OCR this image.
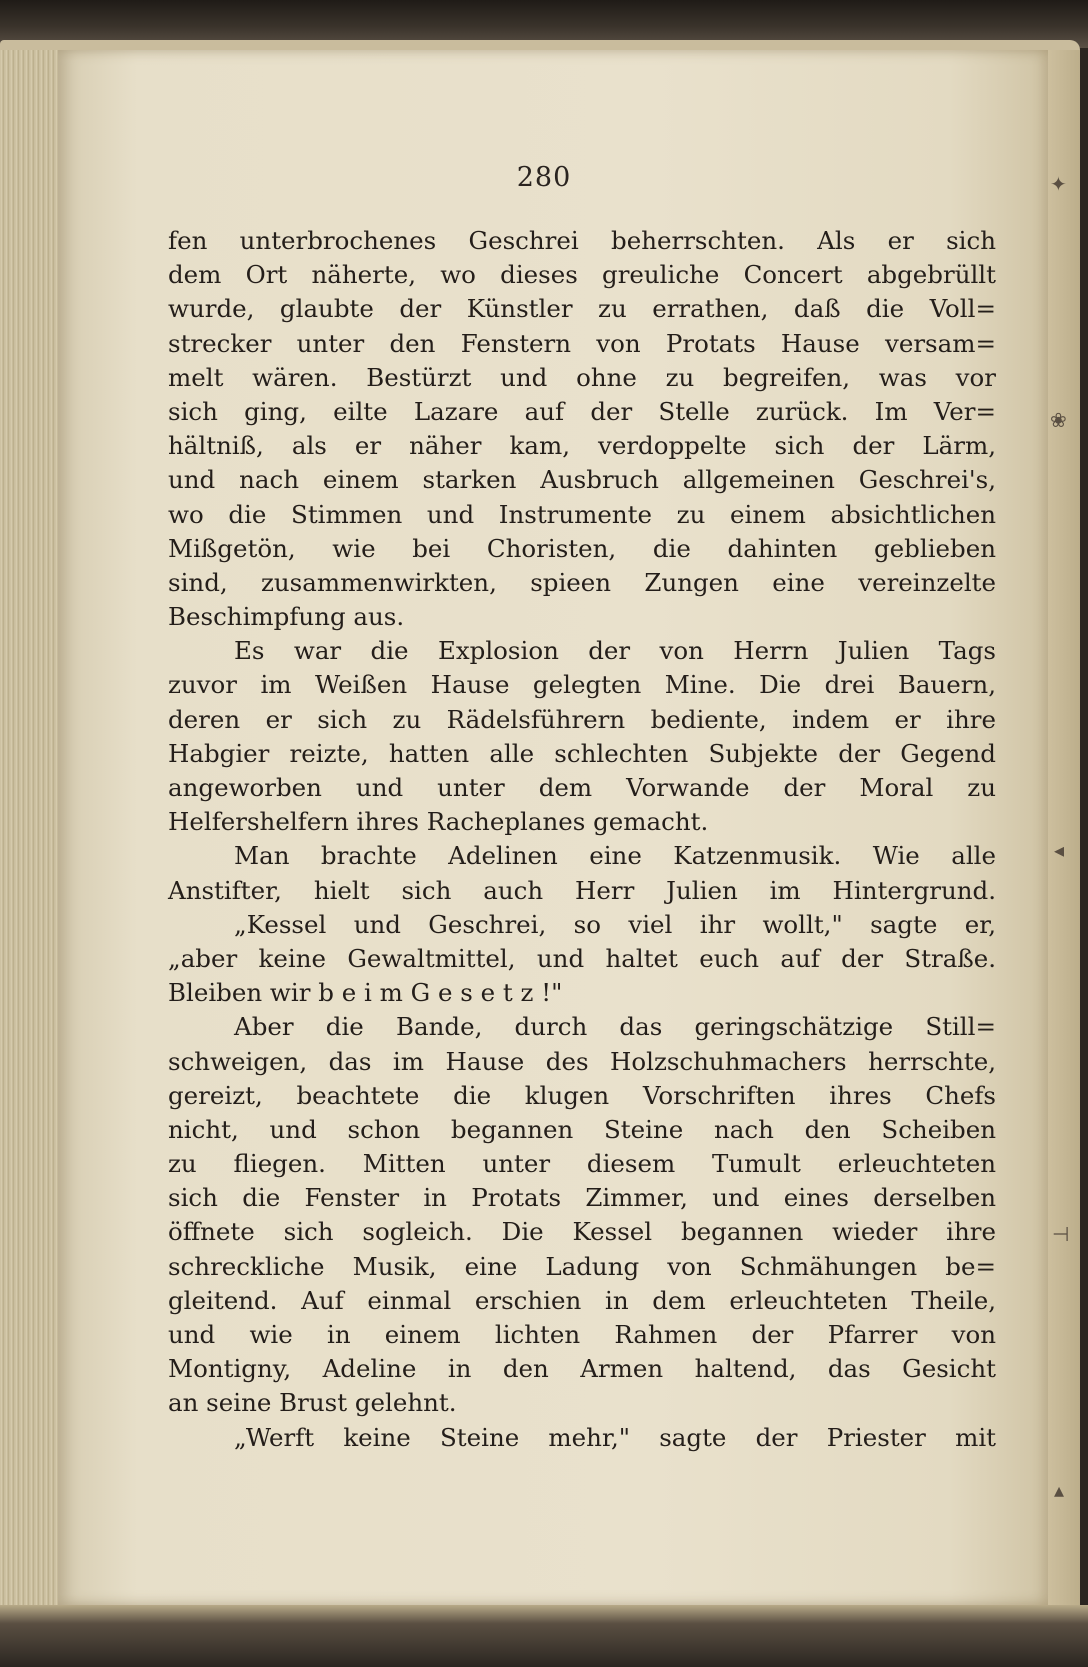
✦
❀
◂
⊣
▴
280
fen unterbrochenes Geschrei beherrschten. Als er sich
dem Ort näherte, wo dieses greuliche Concert abgebrüllt
wurde, glaubte der Künstler zu errathen, daß die Voll=
strecker unter den Fenstern von Protats Hause versam=
melt wären. Bestürzt und ohne zu begreifen, was vor
sich ging, eilte Lazare auf der Stelle zurück. Im Ver=
hältniß, als er näher kam, verdoppelte sich der Lärm,
und nach einem starken Ausbruch allgemeinen Geschrei's,
wo die Stimmen und Instrumente zu einem absichtlichen
Mißgetön, wie bei Choristen, die dahinten geblieben
sind, zusammenwirkten, spieen Zungen eine vereinzelte
Beschimpfung aus.
Es war die Explosion der von Herrn Julien Tags
zuvor im Weißen Hause gelegten Mine. Die drei Bauern,
deren er sich zu Rädelsführern bediente, indem er ihre
Habgier reizte, hatten alle schlechten Subjekte der Gegend
angeworben und unter dem Vorwande der Moral zu
Helfershelfern ihres Racheplanes gemacht.
Man brachte Adelinen eine Katzenmusik. Wie alle
Anstifter, hielt sich auch Herr Julien im Hintergrund.
„Kessel und Geschrei, so viel ihr wollt," sagte er,
„aber keine Gewaltmittel, und haltet euch auf der Straße.
Bleiben wir b e i m G e s e t z !"
Aber die Bande, durch das geringschätzige Still=
schweigen, das im Hause des Holzschuhmachers herrschte,
gereizt, beachtete die klugen Vorschriften ihres Chefs
nicht, und schon begannen Steine nach den Scheiben
zu fliegen. Mitten unter diesem Tumult erleuchteten
sich die Fenster in Protats Zimmer, und eines derselben
öffnete sich sogleich. Die Kessel begannen wieder ihre
schreckliche Musik, eine Ladung von Schmähungen be=
gleitend. Auf einmal erschien in dem erleuchteten Theile,
und wie in einem lichten Rahmen der Pfarrer von
Montigny, Adeline in den Armen haltend, das Gesicht
an seine Brust gelehnt.
„Werft keine Steine mehr," sagte der Priester mit
